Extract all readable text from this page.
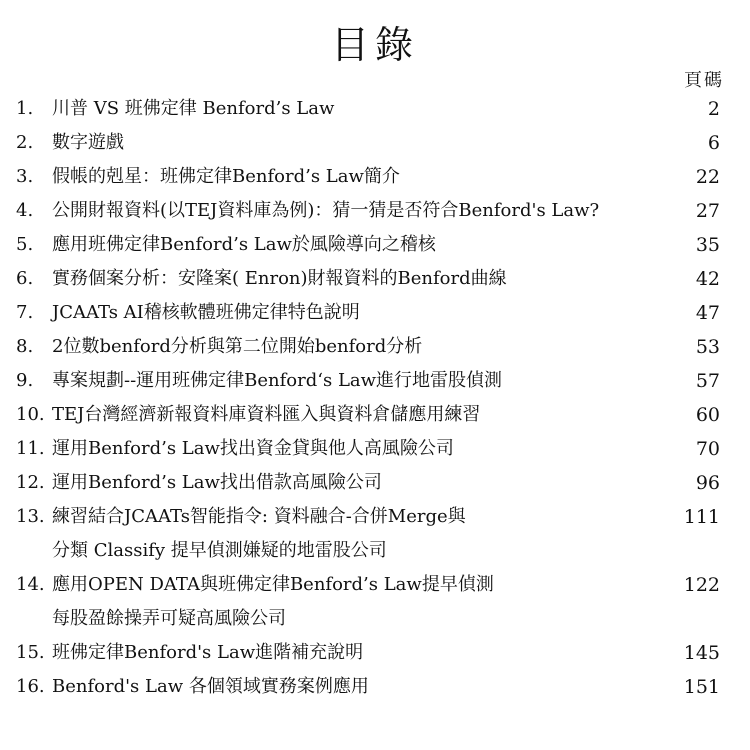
目錄
頁碼
1. 川普 VS 班佛定律 Benford’s Law	2
2. 數字遊戲	6
3. 假帳的剋星：班佛定律Benford’s Law簡介	22
4. 公開財報資料(以TEJ資料庫為例)：猜一猜是否符合Benford's Law?	27
5. 應用班佛定律Benford’s Law於風險導向之稽核	35
6. 實務個案分析：安隆案( Enron)財報資料的Benford曲線	42
7. JCAATs AI稽核軟體班佛定律特色說明	47
8. 2位數benford分析與第二位開始benford分析	53
9. 專案規劃--運用班佛定律Benford‘s Law進行地雷股偵測	57
10. TEJ台灣經濟新報資料庫資料匯入與資料倉儲應用練習	60
11. 運用Benford’s Law找出資金貸與他人高風險公司	70
12. 運用Benford’s Law找出借款高風險公司	96
13. 練習結合JCAATs智能指令: 資料融合-合併Merge與	111
分類 Classify 提早偵測嫌疑的地雷股公司
14. 應用OPEN DATA與班佛定律Benford’s Law提早偵測	122
每股盈餘操弄可疑高風險公司
15. 班佛定律Benford's Law進階補充說明	145
16. Benford's Law 各個領域實務案例應用	151
